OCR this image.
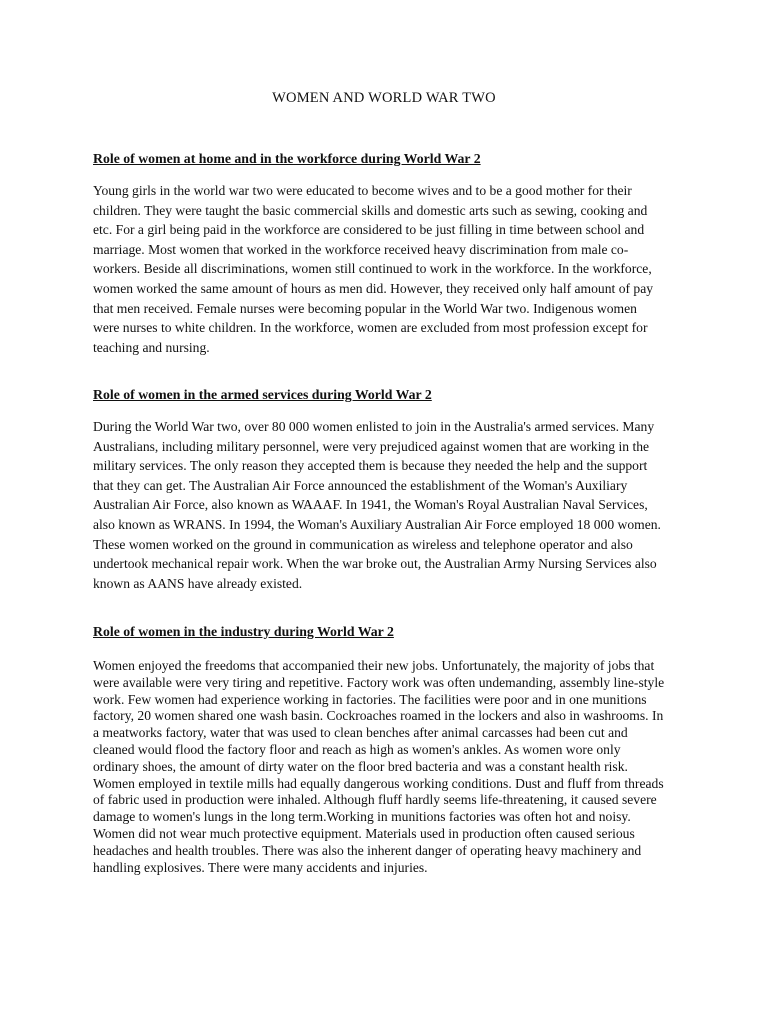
WOMEN AND WORLD WAR TWO
Role of women at home and in the workforce during World War 2

Young girls in the world war two were educated to become wives and to be a good mother for their children. They were taught the basic commercial skills and domestic arts such as sewing, cooking and etc. For a girl being paid in the workforce are considered to be just filling in time between school and marriage. Most women that worked in the workforce received heavy discrimination from male co-workers. Beside all discriminations, women still continued to work in the workforce. In the workforce, women worked the same amount of hours as men did. However, they received only half amount of pay that men received. Female nurses were becoming popular in the World War two. Indigenous women were nurses to white children. In the workforce, women are excluded from most profession except for teaching and nursing.

Role of women in the armed services during World War 2

During the World War two, over 80 000 women enlisted to join in the Australia's armed services. Many Australians, including military personnel, were very prejudiced against women that are working in the military services. The only reason they accepted them is because they needed the help and the support that they can get. The Australian Air Force announced the establishment of the Woman's Auxiliary Australian Air Force, also known as WAAAF. In 1941, the Woman's Royal Australian Naval Services, also known as WRANS. In 1994, the Woman's Auxiliary Australian Air Force employed 18 000 women. These women worked on the ground in communication as wireless and telephone operator and also undertook mechanical repair work. When the war broke out, the Australian Army Nursing Services also known as AANS have already existed.

Role of women in the industry during World War 2

Women enjoyed the freedoms that accompanied their new jobs. Unfortunately, the majority of jobs that were available were very tiring and repetitive. Factory work was often undemanding, assembly line-style work. Few women had experience working in factories. The facilities were poor and in one munitions factory, 20 women shared one wash basin. Cockroaches roamed in the lockers and also in washrooms. In a meatworks factory, water that was used to clean benches after animal carcasses had been cut and cleaned would flood the factory floor and reach as high as women's ankles. As women wore only ordinary shoes, the amount of dirty water on the floor bred bacteria and was a constant health risk. Women employed in textile mills had equally dangerous working conditions. Dust and fluff from threads of fabric used in production were inhaled. Although fluff hardly seems life-threatening, it caused severe damage to women's lungs in the long term.Working in munitions factories was often hot and noisy. Women did not wear much protective equipment. Materials used in production often caused serious headaches and health troubles. There was also the inherent danger of operating heavy machinery and handling explosives. There were many accidents and injuries.
